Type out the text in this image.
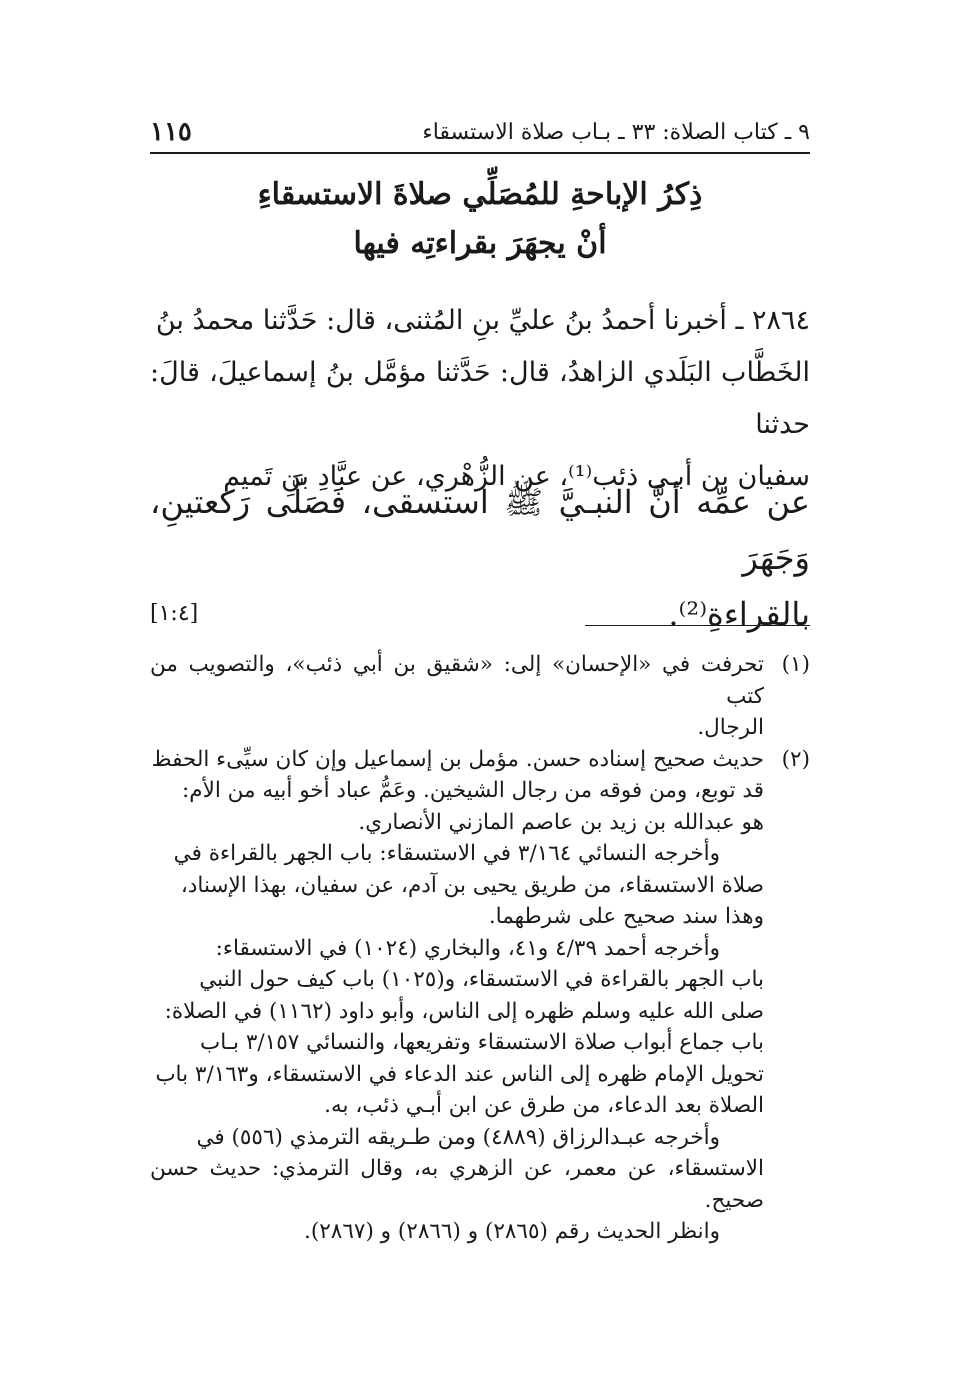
٩ ـ كتاب الصلاة: ٣٣ ـ بـاب صلاة الاستسقاء
١١٥
ذِكرُ الإباحةِ للمُصَلِّي صلاةَ الاستسقاءِ
أنْ يجهَرَ بقراءتِه فيها

٢٨٦٤ ـ أخبرنا أحمدُ بنُ عليِّ بنِ المُثنى، قال: حَدَّثنا محمدُ بنُ

الخَطَّاب البَلَدي الزاهدُ، قال: حَدَّثنا مؤمَّل بنُ إسماعيلَ، قالَ: حدثنا

سفيان بن أبـي ذئب⁽¹⁾، عن الزُّهْري، عن عبَّادِ بنِ تَميم

عن عمِّه أنَّ النبـيَّ ﷺ استسقى، فَصَلَّى رَكعتينِ، وَجَهَرَ

بالقراءةِ⁽²⁾.
[١:٤]
(١)

تحرفت في «الإحسان» إلى: «شقيق بن أبي ذئب»، والتصويب من كتب

الرجال.

(٢)

حديث صحيح إسناده حسن. مؤمل بن إسماعيل وإن كان سيِّىء الحفظ

قد توبع، ومن فوقه من رجال الشيخين. وعَمُّ عباد أخو أبيه من الأم:

هو عبدالله بن زيد بن عاصم المازني الأنصاري.

وأخرجه النسائي ٣/١٦٤ في الاستسقاء: باب الجهر بالقراءة في

صلاة الاستسقاء، من طريق يحيى بن آدم، عن سفيان، بهذا الإسناد،

وهذا سند صحيح على شرطهما.

وأخرجه أحمد ٤/٣٩ و٤١، والبخاري (١٠٢٤) في الاستسقاء:

باب الجهر بالقراءة في الاستسقاء، و(١٠٢٥) باب كيف حول النبي

صلى الله عليه وسلم ظهره إلى الناس، وأبو داود (١١٦٢) في الصلاة:

باب جماع أبواب صلاة الاستسقاء وتفريعها، والنسائي ٣/١٥٧ بـاب

تحويل الإمام ظهره إلى الناس عند الدعاء في الاستسقاء، و٣/١٦٣ باب

الصلاة بعد الدعاء، من طرق عن ابن أبـي ذئب، به.

وأخرجه عبـدالرزاق (٤٨٨٩) ومن طـريقه الترمذي (٥٥٦) في

الاستسقاء، عن معمر، عن الزهري به، وقال الترمذي: حديث حسن صحيح.

وانظر الحديث رقم (٢٨٦٥) و (٢٨٦٦) و (٢٨٦٧).
